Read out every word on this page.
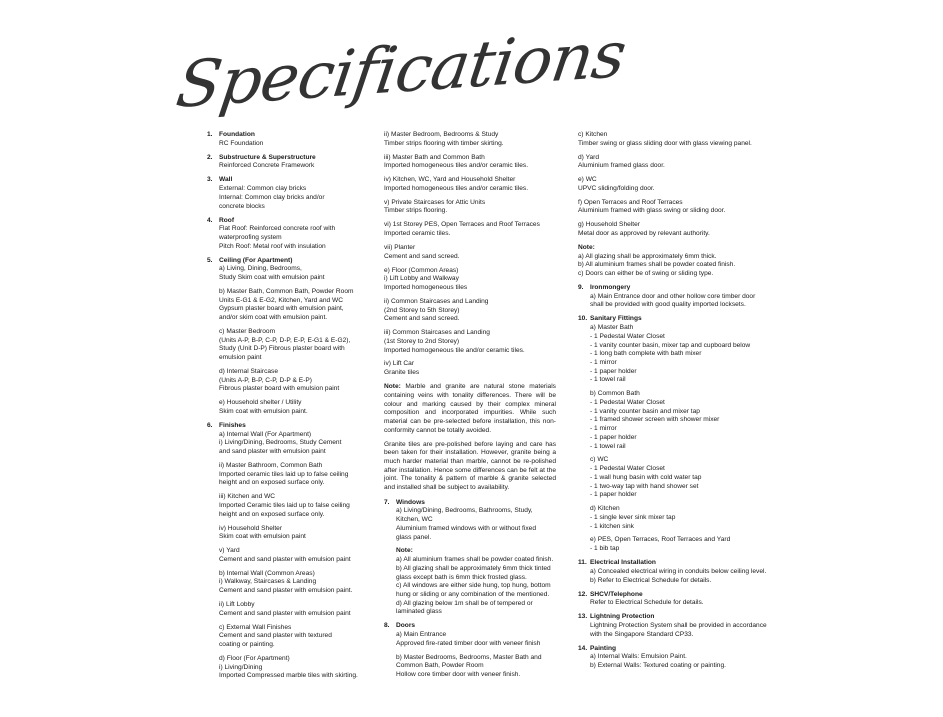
Specifications
1. Foundation
RC Foundation
2. Substructure & Superstructure
Reinforced Concrete Framework
3. Wall
External: Common clay bricks
Internal: Common clay bricks and/or
concrete blocks
4. Roof
Flat Roof: Reinforced concrete roof with
waterproofing system
Pitch Roof: Metal roof with insulation
5. Ceiling (For Apartment)
a) Living, Dining, Bedrooms,
Study Skim coat with emulsion paint
b) Master Bath, Common Bath, Powder Room
Units E-G1 & E-G2, Kitchen, Yard and WC
Gypsum plaster board with emulsion paint,
and/or skim coat with emulsion paint.
c) Master Bedroom
(Units A-P, B-P, C-P, D-P, E-P, E-G1 & E-G2),
Study (Unit D-P) Fibrous plaster board with
emulsion paint
d) Internal Staircase
(Units A-P, B-P, C-P, D-P & E-P)
Fibrous plaster board with emulsion paint
e) Household shelter / Utility
Skim coat with emulsion paint.
6. Finishes
a) Internal Wall (For Apartment)
i) Living/Dining, Bedrooms, Study Cement
and sand plaster with emulsion paint
ii) Master Bathroom, Common Bath
Imported ceramic tiles laid up to false ceiling
height and on exposed surface only.
iii) Kitchen and WC
Imported Ceramic tiles laid up to false ceiling
height and on exposed surface only.
iv) Household Shelter
Skim coat with emulsion paint
v) Yard
Cement and sand plaster with emulsion paint
b) Internal Wall (Common Areas)
i) Walkway, Staircases & Landing
Cement and sand plaster with emulsion paint.
ii) Lift Lobby
Cement and sand plaster with emulsion paint
c) External Wall Finishes
Cement and sand plaster with textured
coating or painting.
d) Floor (For Apartment)
i) Living/Dining
Imported Compressed marble tiles with skirting.
ii) Master Bedroom, Bedrooms & Study
Timber strips flooring with timber skirting.
iii) Master Bath and Common Bath
Imported homogeneous tiles and/or ceramic tiles.
iv) Kitchen, WC, Yard and Household Shelter
Imported homogeneous tiles and/or ceramic tiles.
v) Private Staircases for Attic Units
Timber strips flooring.
vi) 1st Storey PES, Open Terraces and Roof Terraces
Imported ceramic tiles.
vii) Planter
Cement and sand screed.
e) Floor (Common Areas)
i) Lift Lobby and Walkway
Imported homogeneous tiles
ii) Common Staircases and Landing
(2nd Storey to 5th Storey)
Cement and sand screed.
iii) Common Staircases and Landing
(1st Storey to 2nd Storey)
Imported homogeneous tile and/or ceramic tiles.
iv) Lift Car
Granite tiles
Note: Marble and granite are natural stone materials containing veins with tonality differences. There will be colour and marking caused by their complex mineral composition and incorporated impurities. While such material can be pre-selected before installation, this non-conformity cannot be totally avoided.
Granite tiles are pre-polished before laying and care has been taken for their installation. However, granite being a much harder material than marble, cannot be re-polished after installation. Hence some differences can be felt at the joint. The tonality & pattern of marble & granite selected and installed shall be subject to availability.
7. Windows
a) Living/Dining, Bedrooms, Bathrooms, Study,
Kitchen, WC
Aluminium framed windows with or without fixed
glass panel.
Note:
a) All aluminium frames shall be powder coated finish.
b) All glazing shall be approximately 6mm thick tinted
glass except bath is 6mm thick frosted glass.
c) All windows are either side hung, top hung, bottom
hung or sliding or any combination of the mentioned.
d) All glazing below 1m shall be of tempered or
laminated glass
8. Doors
a) Main Entrance
Approved fire-rated timber door with veneer finish
b) Master Bedrooms, Bedrooms, Master Bath and
Common Bath, Powder Room
Hollow core timber door with veneer finish.
c) Kitchen
Timber swing or glass sliding door with glass viewing panel.
d) Yard
Aluminium framed glass door.
e) WC
UPVC sliding/folding door.
f) Open Terraces and Roof Terraces
Aluminium framed with glass swing or sliding door.
g) Household Shelter
Metal door as approved by relevant authority.
Note:
a) All glazing shall be approximately 6mm thick.
b) All aluminium frames shall be powder coated finish.
c) Doors can either be of swing or sliding type.
9. Ironmongery
a) Main Entrance door and other hollow core timber door
shall be provided with good quality imported locksets.
10. Sanitary Fittings
a) Master Bath
- 1 Pedestal Water Closet
- 1 vanity counter basin, mixer tap and cupboard below
- 1 long bath complete with bath mixer
- 1 mirror
- 1 paper holder
- 1 towel rail
b) Common Bath
- 1 Pedestal Water Closet
- 1 vanity counter basin and mixer tap
- 1 framed shower screen with shower mixer
- 1 mirror
- 1 paper holder
- 1 towel rail
c) WC
- 1 Pedestal Water Closet
- 1 wall hung basin with cold water tap
- 1 two-way tap with hand shower set
- 1 paper holder
d) Kitchen
- 1 single lever sink mixer tap
- 1 kitchen sink
e) PES, Open Terraces, Roof Terraces and Yard
- 1 bib tap
11. Electrical Installation
a) Concealed electrical wiring in conduits below ceiling level.
b) Refer to Electrical Schedule for details.
12. SHCV/Telephone
Refer to Electrical Schedule for details.
13. Lightning Protection
Lightning Protection System shall be provided in accordance
with the Singapore Standard CP33.
14. Painting
a) Internal Walls: Emulsion Paint.
b) External Walls: Textured coating or painting.
